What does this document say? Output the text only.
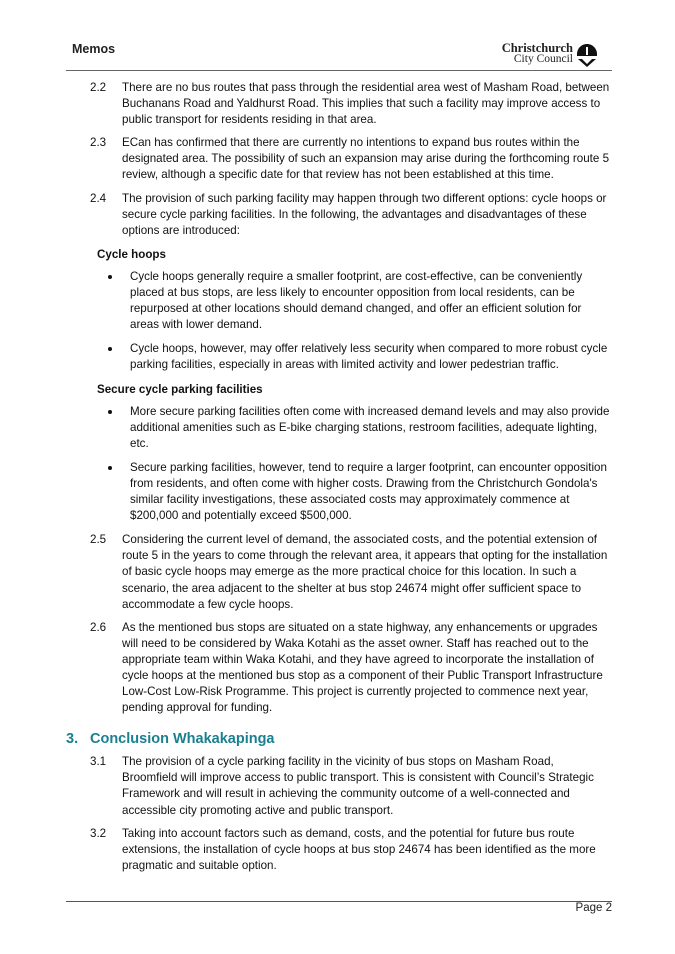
Memos	Christchurch
City Council
2.2 There are no bus routes that pass through the residential area west of Masham Road, between Buchanans Road and Yaldhurst Road. This implies that such a facility may improve access to public transport for residents residing in that area.
2.3 ECan has confirmed that there are currently no intentions to expand bus routes within the designated area. The possibility of such an expansion may arise during the forthcoming route 5 review, although a specific date for that review has not been established at this time.
2.4 The provision of such parking facility may happen through two different options: cycle hoops or secure cycle parking facilities. In the following, the advantages and disadvantages of these options are introduced:
Cycle hoops
Cycle hoops generally require a smaller footprint, are cost-effective, can be conveniently placed at bus stops, are less likely to encounter opposition from local residents, can be repurposed at other locations should demand changed, and offer an efficient solution for areas with lower demand.
Cycle hoops, however, may offer relatively less security when compared to more robust cycle parking facilities, especially in areas with limited activity and lower pedestrian traffic.
Secure cycle parking facilities
More secure parking facilities often come with increased demand levels and may also provide additional amenities such as E-bike charging stations, restroom facilities, adequate lighting, etc.
Secure parking facilities, however, tend to require a larger footprint, can encounter opposition from residents, and often come with higher costs. Drawing from the Christchurch Gondola's similar facility investigations, these associated costs may approximately commence at $200,000 and potentially exceed $500,000.
2.5 Considering the current level of demand, the associated costs, and the potential extension of route 5 in the years to come through the relevant area, it appears that opting for the installation of basic cycle hoops may emerge as the more practical choice for this location. In such a scenario, the area adjacent to the shelter at bus stop 24674 might offer sufficient space to accommodate a few cycle hoops.
2.6 As the mentioned bus stops are situated on a state highway, any enhancements or upgrades will need to be considered by Waka Kotahi as the asset owner. Staff has reached out to the appropriate team within Waka Kotahi, and they have agreed to incorporate the installation of cycle hoops at the mentioned bus stop as a component of their Public Transport Infrastructure Low-Cost Low-Risk Programme. This project is currently projected to commence next year, pending approval for funding.
3. Conclusion Whakakapinga
3.1 The provision of a cycle parking facility in the vicinity of bus stops on Masham Road, Broomfield will improve access to public transport. This is consistent with Council’s Strategic Framework and will result in achieving the community outcome of a well-connected and accessible city promoting active and public transport.
3.2 Taking into account factors such as demand, costs, and the potential for future bus route extensions, the installation of cycle hoops at bus stop 24674 has been identified as the more pragmatic and suitable option.
Page 2
